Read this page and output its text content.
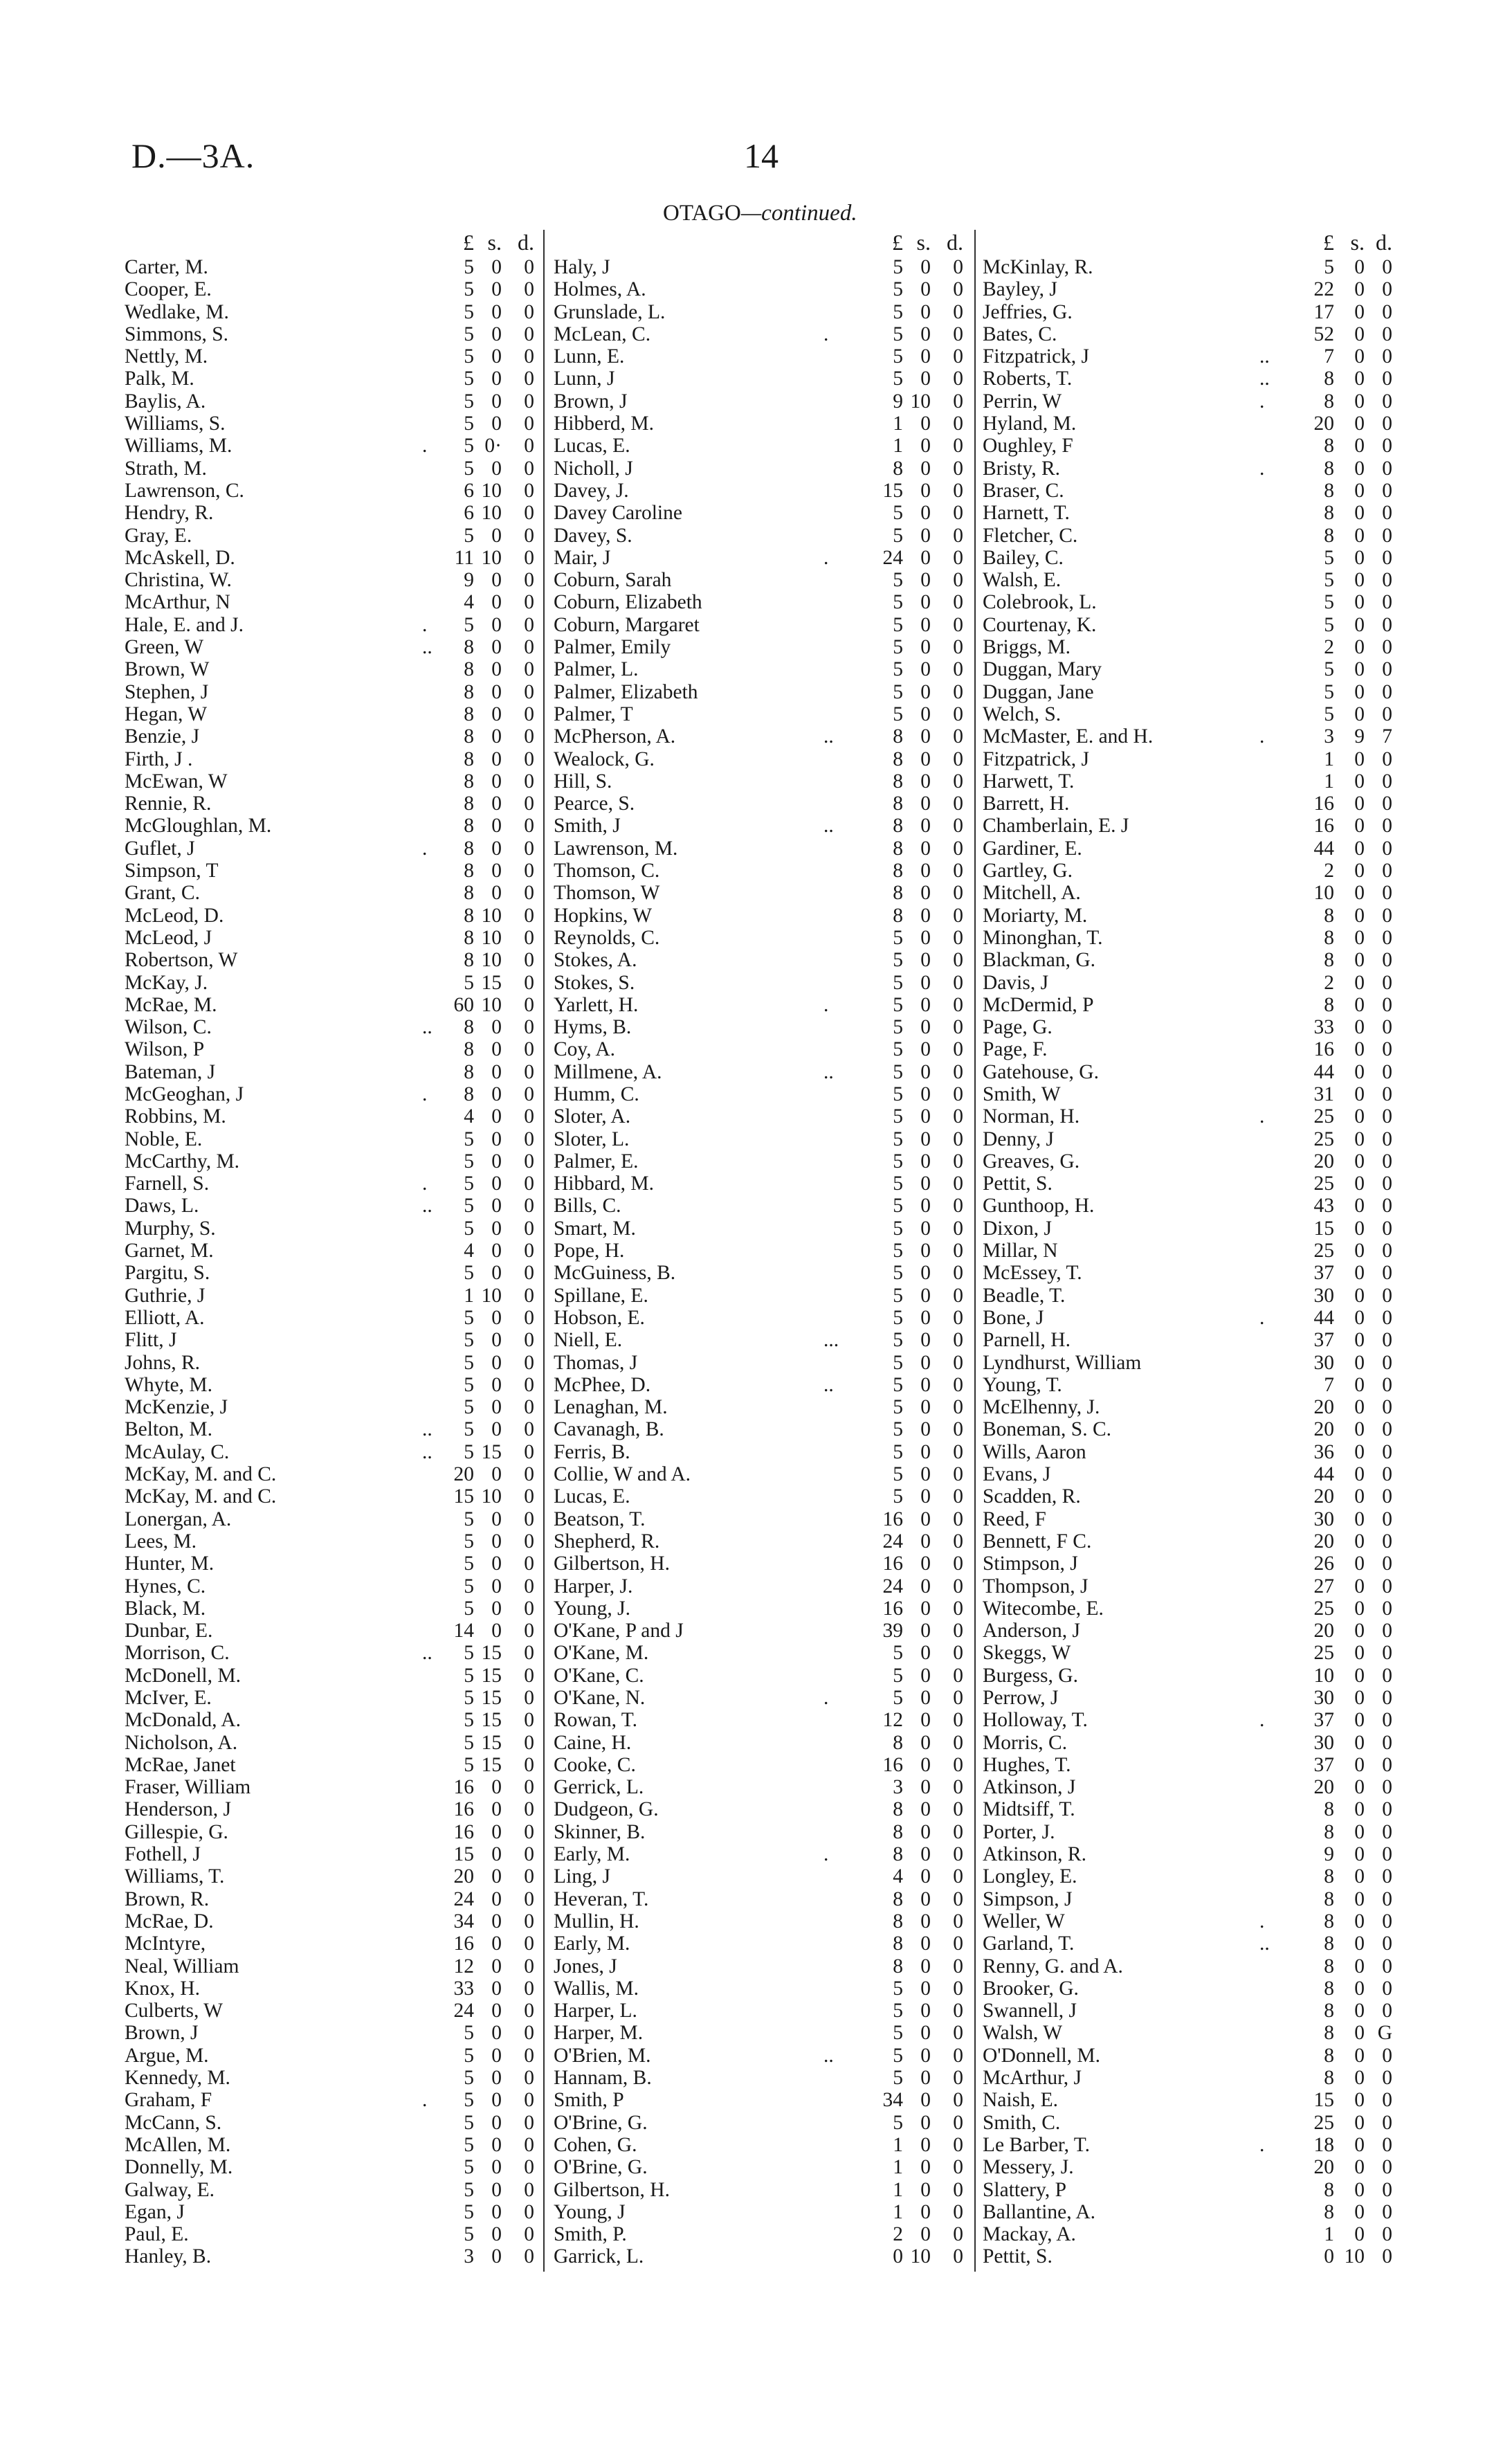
D.—3A.	14
OTAGO—continued.
£ s. d.
Carter, M.	5 0	0
Cooper, E.	5 0	0
Wedlake, M.	5 0	0
Simmons, S.	5 0	0
Nettly, M.	5 0	0
Palk, M.	5 0	0
Baylis, A.	5 0	0
Williams, S.	5 0	0
Williams, M.	.	5 0·	0
Strath, M.	5 0	0
Lawrenson, C.	6 10	0
Hendry, R.	6 10	0
Gray, E.	5 0	0
McAskell, D.	11 10	0
Christina, W.	9 0	0
McArthur, N	4 0	0
Hale, E. and J.	.	5 0	0
Green, W	..	8 0	0
Brown, W	8 0	0
Stephen, J	8 0	0
Hegan, W	8 0	0
Benzie, J	8 0	0
Firth, J .	8 0	0
McEwan, W	8 0	0
Rennie, R.	8 0	0
McGloughlan, M.	8 0	0
Guflet, J	.	8 0	0
Simpson, T	8 0	0
Grant, C.	8 0	0
McLeod, D.	8 10	0
McLeod, J	8 10	0
Robertson, W	8 10	0
McKay, J.	5 15	0
McRae, M.	60 10	0
Wilson, C.	..	8 0	0
Wilson, P	8 0	0
Bateman, J	8 0	0
McGeoghan, J	.	8 0	0
Robbins, M.	4 0	0
Noble, E.	5 0	0
McCarthy, M.	5 0	0
Farnell, S.	.	5 0	0
Daws, L.	..	5 0	0
Murphy, S.	5 0	0
Garnet, M.	4 0	0
Pargitu, S.	5 0	0
Guthrie, J	1 10	0
Elliott, A.	5 0	0
Flitt, J	5 0	0
Johns, R.	5 0	0
Whyte, M.	5 0	0
McKenzie, J	5 0	0
Belton, M.	..	5 0	0
McAulay, C.	..	5 15	0
McKay, M. and C.	20 0	0
McKay, M. and C.	15 10	0
Lonergan, A.	5 0	0
Lees, M.	5 0	0
Hunter, M.	5 0	0
Hynes, C.	5 0	0
Black, M.	5 0	0
Dunbar, E.	14 0	0
Morrison, C.	..	5 15	0
McDonell, M.	5 15	0
McIver, E.	5 15	0
McDonald, A.	5 15	0
Nicholson, A.	5 15	0
McRae, Janet	5 15	0
Fraser, William	16 0	0
Henderson, J	16 0	0
Gillespie, G.	16 0	0
Fothell, J	15 0	0
Williams, T.	20 0	0
Brown, R.	24 0	0
McRae, D.	34 0	0
McIntyre,	16 0	0
Neal, William	12 0	0
Knox, H.	33 0	0
Culberts, W	24 0	0
Brown, J	5 0	0
Argue, M.	5 0	0
Kennedy, M.	5 0	0
Graham, F	.	5 0	0
McCann, S.	5 0	0
McAllen, M.	5 0	0
Donnelly, M.	5 0	0
Galway, E.	5 0	0
Egan, J	5 0	0
Paul, E.	5 0	0
Hanley, B.	3 0	0
£ s. d.
Haly, J	5 0	0
Holmes, A.	5 0	0
Grunslade, L.	5 0	0
McLean, C.	.	5 0	0
Lunn, E.	5 0	0
Lunn, J	5 0	0
Brown, J	9 10	0
Hibberd, M.	1 0	0
Lucas, E.	1 0	0
Nicholl, J	8 0	0
Davey, J.	15 0	0
Davey Caroline	5 0	0
Davey, S.	5 0	0
Mair, J	.	24 0	0
Coburn, Sarah	5 0	0
Coburn, Elizabeth	5 0	0
Coburn, Margaret	5 0	0
Palmer, Emily	5 0	0
Palmer, L.	5 0	0
Palmer, Elizabeth	5 0	0
Palmer, T	5 0	0
McPherson, A.	..	8 0	0
Wealock, G.	8 0	0
Hill, S.	8 0	0
Pearce, S.	8 0	0
Smith, J	..	8 0	0
Lawrenson, M.	8 0	0
Thomson, C.	8 0	0
Thomson, W	8 0	0
Hopkins, W	8 0	0
Reynolds, C.	5 0	0
Stokes, A.	5 0	0
Stokes, S.	5 0	0
Yarlett, H.	.	5 0	0
Hyms, B.	5 0	0
Coy, A.	5 0	0
Millmene, A.	..	5 0	0
Humm, C.	5 0	0
Sloter, A.	5 0	0
Sloter, L.	5 0	0
Palmer, E.	5 0	0
Hibbard, M.	5 0	0
Bills, C.	5 0	0
Smart, M.	5 0	0
Pope, H.	5 0	0
McGuiness, B.	5 0	0
Spillane, E.	5 0	0
Hobson, E.	5 0	0
Niell, E.	...	5 0	0
Thomas, J	5 0	0
McPhee, D.	..	5 0	0
Lenaghan, M.	5 0	0
Cavanagh, B.	5 0	0
Ferris, B.	5 0	0
Collie, W and A.	5 0	0
Lucas, E.	5 0	0
Beatson, T.	16 0	0
Shepherd, R.	24 0	0
Gilbertson, H.	16 0	0
Harper, J.	24 0	0
Young, J.	16 0	0
O'Kane, P and J	39 0	0
O'Kane, M.	5 0	0
O'Kane, C.	5 0	0
O'Kane, N.	.	5 0	0
Rowan, T.	12 0	0
Caine, H.	8 0	0
Cooke, C.	16 0	0
Gerrick, L.	3 0	0
Dudgeon, G.	8 0	0
Skinner, B.	8 0	0
Early, M.	.	8 0	0
Ling, J	4 0	0
Heveran, T.	8 0	0
Mullin, H.	8 0	0
Early, M.	8 0	0
Jones, J	8 0	0
Wallis, M.	5 0	0
Harper, L.	5 0	0
Harper, M.	5 0	0
O'Brien, M.	..	5 0	0
Hannam, B.	5 0	0
Smith, P	34 0	0
O'Brine, G.	5 0	0
Cohen, G.	1 0	0
O'Brine, G.	1 0	0
Gilbertson, H.	1 0	0
Young, J	1 0	0
Smith, P.	2 0	0
Garrick, L.	0 10	0
£ s. d.
McKinlay, R.	5 0 0
Bayley, J	22 0 0
Jeffries, G.	17 0 0
Bates, C.	52 0 0
Fitzpatrick, J	..	7 0 0
Roberts, T.	..	8 0 0
Perrin, W	.	8 0 0
Hyland, M.	20 0 0
Oughley, F	8 0 0
Bristy, R.	.	8 0 0
Braser, C.	8 0 0
Harnett, T.	8 0 0
Fletcher, C.	8 0 0
Bailey, C.	5 0 0
Walsh, E.	5 0 0
Colebrook, L.	5 0 0
Courtenay, K.	5 0 0
Briggs, M.	2 0 0
Duggan, Mary	5 0 0
Duggan, Jane	5 0 0
Welch, S.	5 0 0
McMaster, E. and H.	.	3 9 7
Fitzpatrick, J	1 0 0
Harwett, T.	1 0 0
Barrett, H.	16 0 0
Chamberlain, E. J	16 0 0
Gardiner, E.	44 0 0
Gartley, G.	2 0 0
Mitchell, A.	10 0 0
Moriarty, M.	8 0 0
Minonghan, T.	8 0 0
Blackman, G.	8 0 0
Davis, J	2 0 0
McDermid, P	8 0 0
Page, G.	33 0 0
Page, F.	16 0 0
Gatehouse, G.	44 0 0
Smith, W	31 0 0
Norman, H.	.	25 0 0
Denny, J	25 0 0
Greaves, G.	20 0 0
Pettit, S.	25 0 0
Gunthoop, H.	43 0 0
Dixon, J	15 0 0
Millar, N	25 0 0
McEssey, T.	37 0 0
Beadle, T.	30 0 0
Bone, J	.	44 0 0
Parnell, H.	37 0 0
Lyndhurst, William	30 0 0
Young, T.	7 0 0
McElhenny, J.	20 0 0
Boneman, S. C.	20 0 0
Wills, Aaron	36 0 0
Evans, J	44 0 0
Scadden, R.	20 0 0
Reed, F	30 0 0
Bennett, F C.	20 0 0
Stimpson, J	26 0 0
Thompson, J	27 0 0
Witecombe, E.	25 0 0
Anderson, J	20 0 0
Skeggs, W	25 0 0
Burgess, G.	10 0 0
Perrow, J	30 0 0
Holloway, T.	.	37 0 0
Morris, C.	30 0 0
Hughes, T.	37 0 0
Atkinson, J	20 0 0
Midtsiff, T.	8 0 0
Porter, J.	8 0 0
Atkinson, R.	9 0 0
Longley, E.	8 0 0
Simpson, J	8 0 0
Weller, W	.	8 0 0
Garland, T.	..	8 0 0
Renny, G. and A.	8 0 0
Brooker, G.	8 0 0
Swannell, J	8 0 0
Walsh, W	8 0 G
O'Donnell, M.	8 0 0
McArthur, J	8 0 0
Naish, E.	15 0 0
Smith, C.	25 0 0
Le Barber, T.	.	18 0 0
Messery, J.	20 0 0
Slattery, P	8 0 0
Ballantine, A.	8 0 0
Mackay, A.	1 0 0
Pettit, S.	0 10 0
